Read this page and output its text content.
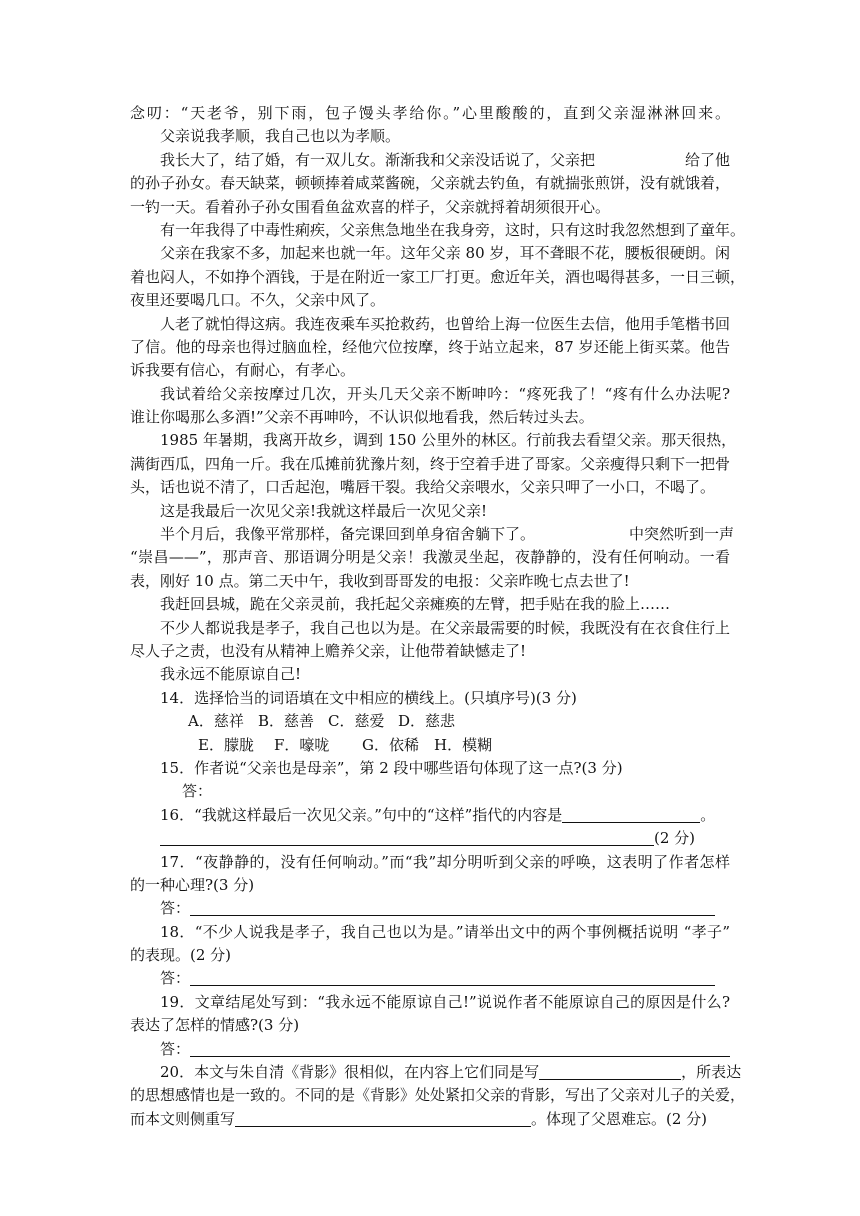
念叨：“天老爷，别下雨，包子馒头孝给你。”心里酸酸的，直到父亲湿淋淋回来。
父亲说我孝顺，我自己也以为孝顺。
我长大了，结了婚，有一双儿女。渐渐我和父亲没话说了，父亲把	给了他
的孙子孙女。春天缺菜，顿顿捧着咸菜酱碗，父亲就去钓鱼，有就揣张煎饼，没有就饿着，
一钓一天。看着孙子孙女围看鱼盆欢喜的样子，父亲就捋着胡须很开心。
有一年我得了中毒性痢疾，父亲焦急地坐在我身旁，这时，只有这时我忽然想到了童年。
父亲在我家不多，加起来也就一年。这年父亲 80 岁，耳不聋眼不花，腰板很硬朗。闲
着也闷人，不如挣个酒钱，于是在附近一家工厂打更。愈近年关，酒也喝得甚多，一日三顿，
夜里还要喝几口。不久，父亲中风了。
人老了就怕得这病。我连夜乘车买抢救药，也曾给上海一位医生去信，他用手笔楷书回
了信。他的母亲也得过脑血栓，经他穴位按摩，终于站立起来，87 岁还能上街买菜。他告
诉我要有信心，有耐心，有孝心。
我试着给父亲按摩过几次，开头几天父亲不断呻吟：“疼死我了！“疼有什么办法呢?
谁让你喝那么多酒!”父亲不再呻吟，不认识似地看我，然后转过头去。
1985 年暑期，我离开故乡，调到 150 公里外的林区。行前我去看望父亲。那天很热，
满街西瓜，四角一斤。我在瓜摊前犹豫片刻，终于空着手进了哥家。父亲瘦得只剩下一把骨
头，话也说不清了，口舌起泡，嘴唇干裂。我给父亲喂水，父亲只呷了一小口，不喝了。
这是我最后一次见父亲!我就这样最后一次见父亲!
半个月后，我像平常那样，备完课回到单身宿舍躺下了。	中突然听到一声
“崇昌——”，那声音、那语调分明是父亲！我激灵坐起，夜静静的，没有任何响动。一看
表，刚好 10 点。第二天中午，我收到哥哥发的电报：父亲昨晚七点去世了!
我赶回县城，跪在父亲灵前，我托起父亲瘫痪的左臂，把手贴在我的脸上……
不少人都说我是孝子，我自己也以为是。在父亲最需要的时候，我既没有在衣食住行上
尽人子之责，也没有从精神上赡养父亲，让他带着缺憾走了!
我永远不能原谅自己!
14．选择恰当的词语填在文中相应的横线上。(只填序号)(3 分)
A．慈祥 B．慈善 C．慈爱 D．慈悲
E．朦胧 F．嚎咙 G．依稀 H．模糊
15．作者说“父亲也是母亲”，第 2 段中哪些语句体现了这一点?(3 分)
答：
16．“我就这样最后一次见父亲。”句中的“这样”指代的内容是	。
(2 分)
17．“夜静静的，没有任何响动。”而“我”却分明听到父亲的呼唤，这表明了作者怎样
的一种心理?(3 分)
答：
18．“不少人说我是孝子，我自己也以为是。”请举出文中的两个事例概括说明 “孝子”
的表现。(2 分)
答：
19．文章结尾处写到：“我永远不能原谅自己!”说说作者不能原谅自己的原因是什么?
表达了怎样的情感?(3 分)
答：
20．本文与朱自清《背影》很相似，在内容上它们同是写	，所表达
的思想感情也是一致的。不同的是《背影》处处紧扣父亲的背影，写出了父亲对儿子的关爱，
而本文则侧重写	。体现了父恩难忘。(2 分)
